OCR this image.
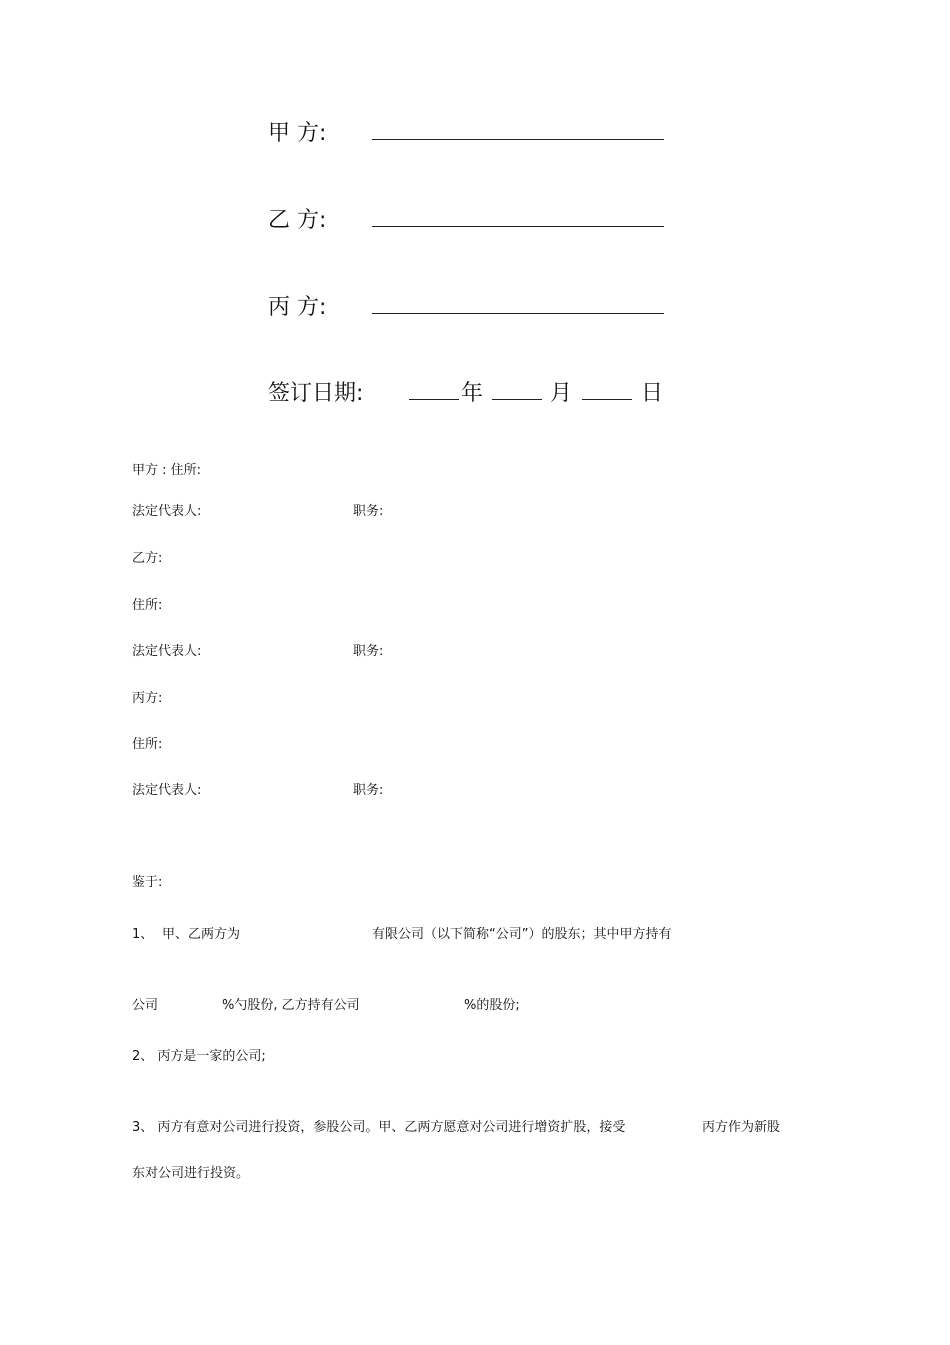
甲 方:
乙 方:
丙 方:
签订日期:	年	月	日
甲方 : 住所:
法定代表人:	职务:
乙方:
住所:
法定代表人:	职务:
丙方:
住所:
法定代表人:	职务:
鉴于:
1、 甲、乙两方为	有限公司（以下简称“公司”）的股东；其中甲方持有
公司	%勺股份, 乙方持有公司	%的股份;
2、 丙方是一家的公司;
3、 丙方有意对公司进行投资，参股公司。甲、乙两方愿意对公司进行增资扩股，接受	丙方作为新股
东对公司进行投资。
